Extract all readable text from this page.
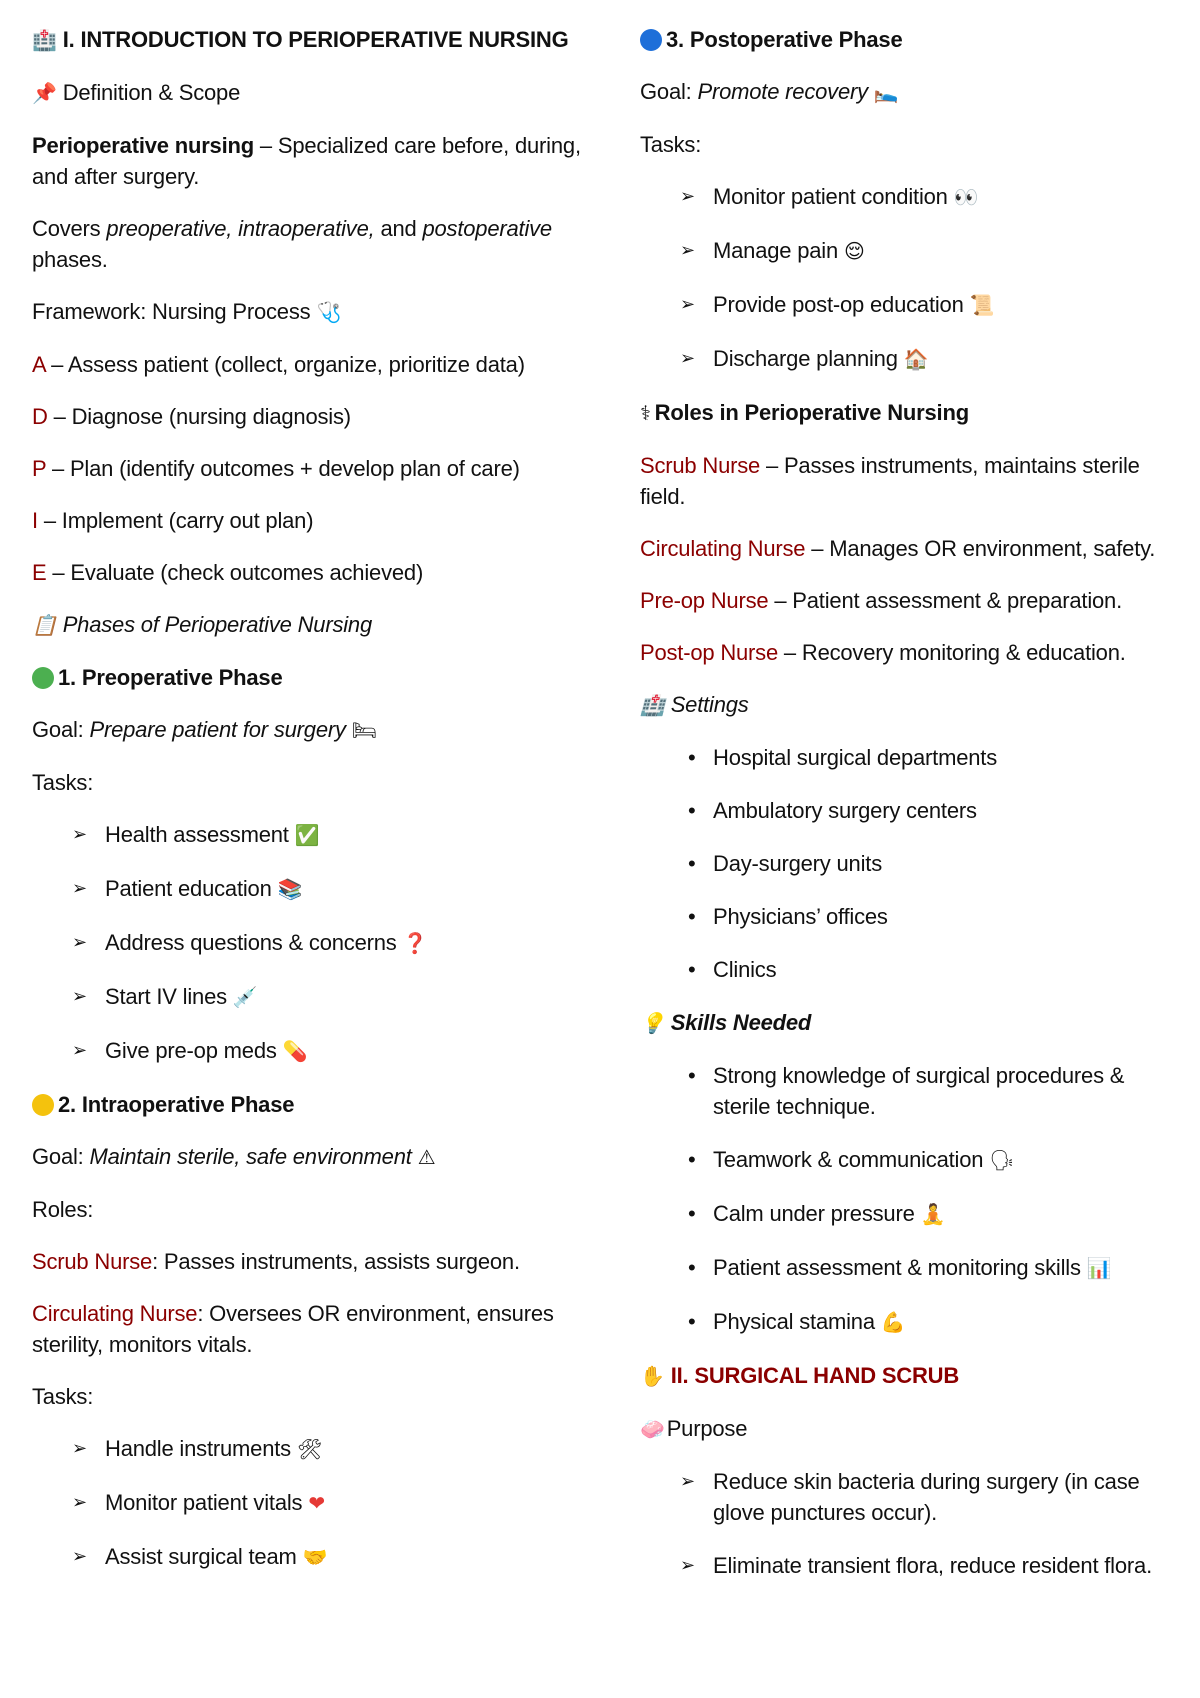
🏥 I. INTRODUCTION TO PERIOPERATIVE NURSING
📌 Definition & Scope
Perioperative nursing – Specialized care before, during, and after surgery.
Covers preoperative, intraoperative, and postoperative phases.
Framework: Nursing Process 🩺
A – Assess patient (collect, organize, prioritize data)
D – Diagnose (nursing diagnosis)
P – Plan (identify outcomes + develop plan of care)
I – Implement (carry out plan)
E – Evaluate (check outcomes achieved)
📋 Phases of Perioperative Nursing
1. Preoperative Phase
Goal: Prepare patient for surgery 🛏
Tasks:
➢ Health assessment ✅
➢ Patient education 📚
➢ Address questions & concerns ❓
➢ Start IV lines 💉
➢ Give pre-op meds 💊
2. Intraoperative Phase
Goal: Maintain sterile, safe environment ⚠
Roles:
Scrub Nurse: Passes instruments, assists surgeon.
Circulating Nurse: Oversees OR environment, ensures sterility, monitors vitals.
Tasks:
➢ Handle instruments 🛠
➢ Monitor patient vitals ❤
➢ Assist surgical team 🤝
3. Postoperative Phase
Goal: Promote recovery 🛌
Tasks:
➢ Monitor patient condition 👀
➢ Manage pain 😌
➢ Provide post-op education 📜
➢ Discharge planning 🏠
⚕ Roles in Perioperative Nursing
Scrub Nurse – Passes instruments, maintains sterile field.
Circulating Nurse – Manages OR environment, safety.
Pre-op Nurse – Patient assessment & preparation.
Post-op Nurse – Recovery monitoring & education.
🏥 Settings
• Hospital surgical departments
• Ambulatory surgery centers
• Day-surgery units
• Physicians’ offices
• Clinics
💡 Skills Needed
• Strong knowledge of surgical procedures & sterile technique.
• Teamwork & communication 🗣
• Calm under pressure 🧘
• Patient assessment & monitoring skills 📊
• Physical stamina 💪
✋ II. SURGICAL HAND SCRUB
🧼Purpose
➢ Reduce skin bacteria during surgery (in case glove punctures occur).
➢ Eliminate transient flora, reduce resident flora.
